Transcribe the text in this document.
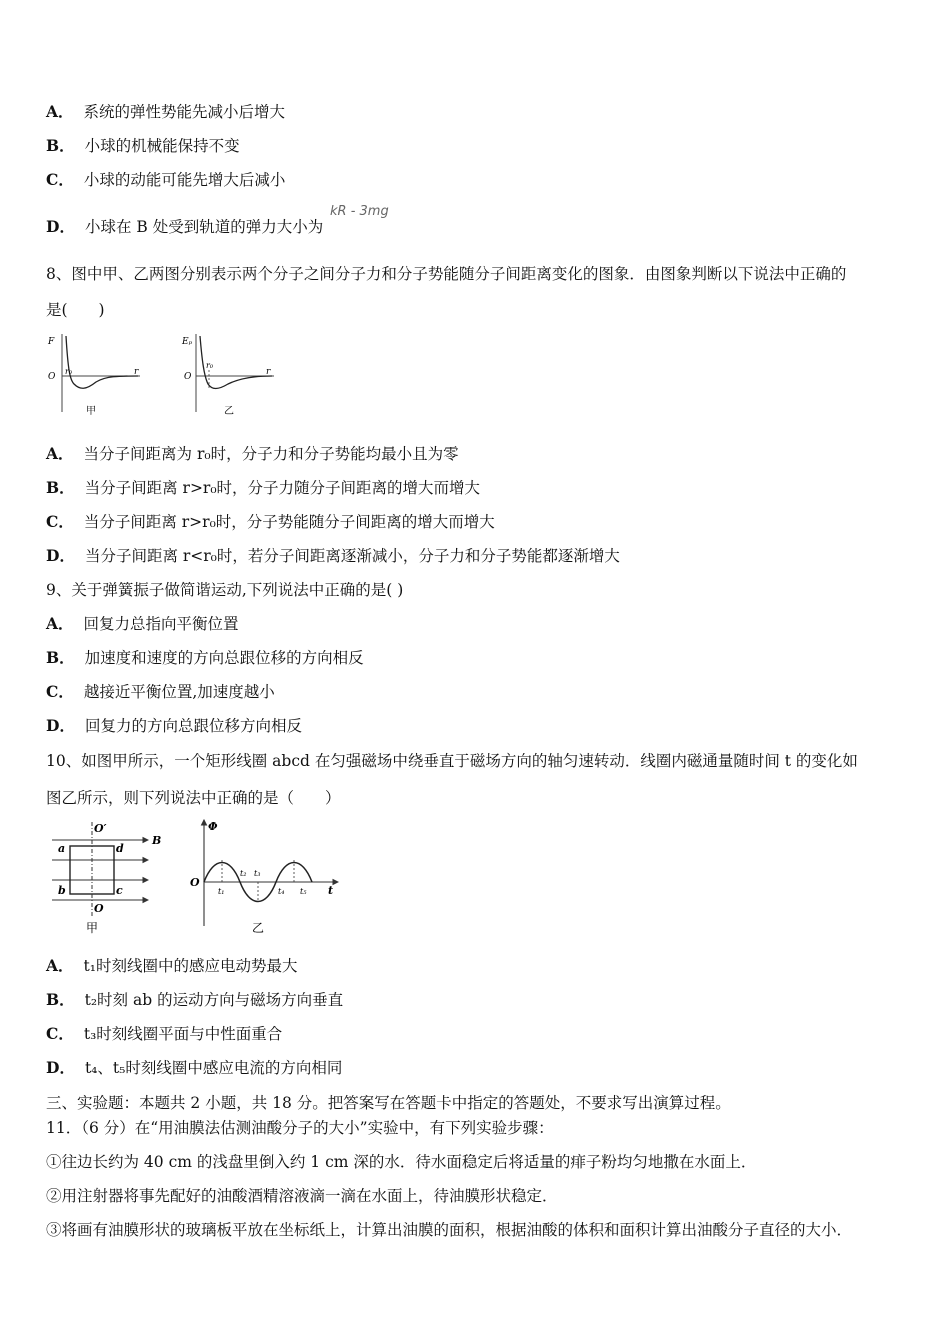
A． 系统的弹性势能先减小后增大
B． 小球的机械能保持不变
C． 小球的动能可能先增大后减小
D． 小球在 B 处受到轨道的弹力大小为
kR - 3mg
8、图中甲、乙两图分别表示两个分子之间分子力和分子势能随分子间距离变化的图象．由图象判断以下说法中正确的
是(　　)
F
O
r₀	r
甲
Eₚ
O
r₀
r
乙
A． 当分子间距离为 r₀时，分子力和分子势能均最小且为零
B． 当分子间距离 r>r₀时，分子力随分子间距离的增大而增大
C． 当分子间距离 r>r₀时，分子势能随分子间距离的增大而增大
D． 当分子间距离 r<r₀时，若分子间距离逐渐减小，分子力和分子势能都逐渐增大
9、关于弹簧振子做简谐运动,下列说法中正确的是( )
A． 回复力总指向平衡位置
B． 加速度和速度的方向总跟位移的方向相反
C． 越接近平衡位置,加速度越小
D． 回复力的方向总跟位移方向相反
10、如图甲所示，一个矩形线圈 abcd 在匀强磁场中绕垂直于磁场方向的轴匀速转动．线圈内磁通量随时间 t 的变化如
图乙所示，则下列说法中正确的是（　　）
O′
O
a
b	c
d
B
甲
Φ
O
t₁
t₂ t₃
t₄ t₅ t
乙
A． t₁时刻线圈中的感应电动势最大
B． t₂时刻 ab 的运动方向与磁场方向垂直
C． t₃时刻线圈平面与中性面重合
D． t₄、t₅时刻线圈中感应电流的方向相同
三、实验题：本题共 2 小题，共 18 分。把答案写在答题卡中指定的答题处，不要求写出演算过程。
11．（6 分）在“用油膜法估测油酸分子的大小”实验中，有下列实验步骤：
①往边长约为 40 cm 的浅盘里倒入约 1 cm 深的水．待水面稳定后将适量的痱子粉均匀地撒在水面上．
②用注射器将事先配好的油酸酒精溶液滴一滴在水面上，待油膜形状稳定．
③将画有油膜形状的玻璃板平放在坐标纸上，计算出油膜的面积，根据油酸的体积和面积计算出油酸分子直径的大小．
